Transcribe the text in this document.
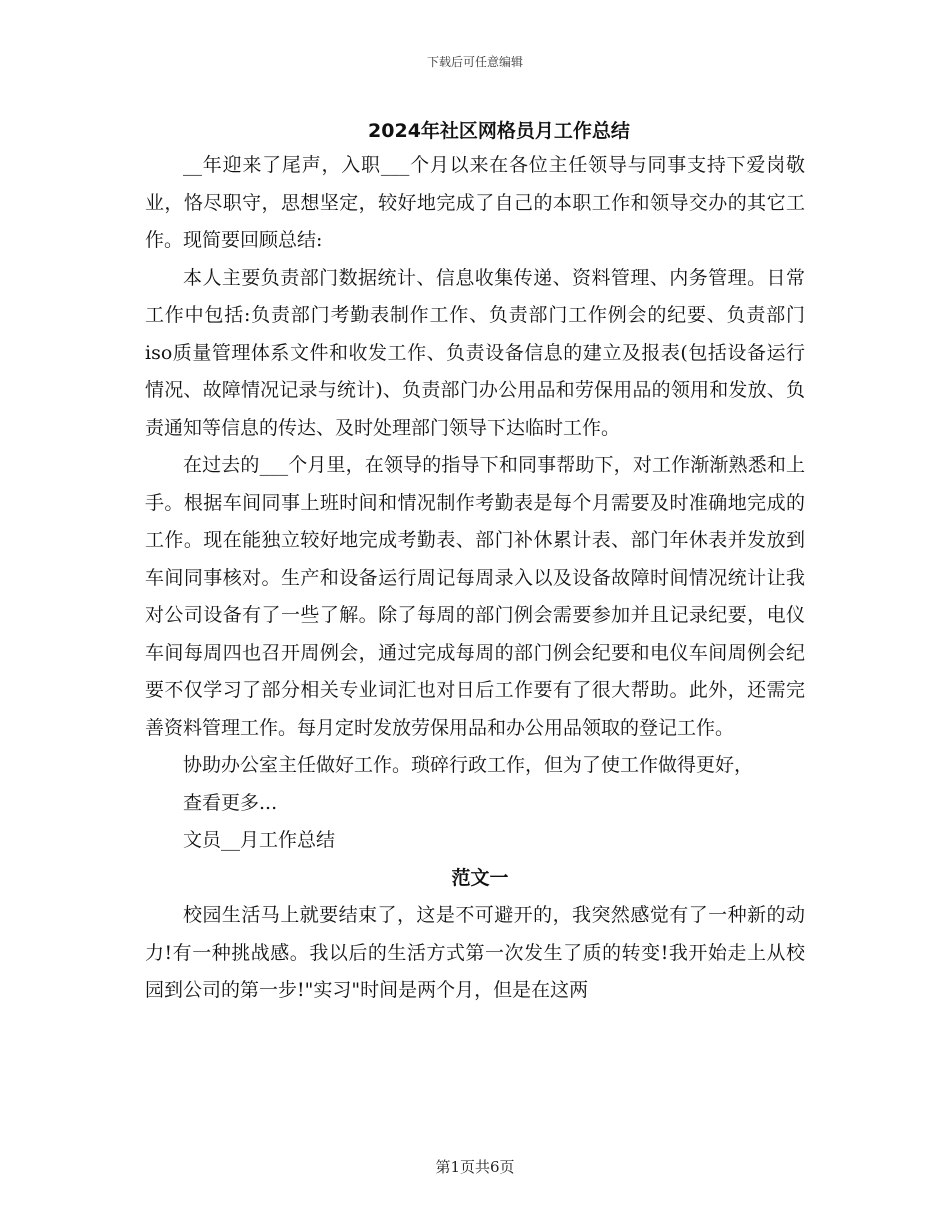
下载后可任意编辑
2024年社区网格员月工作总结

__年迎来了尾声，入职___个月以来在各位主任领导与同事支持下爱岗敬业，恪尽职守，思想坚定，较好地完成了自己的本职工作和领导交办的其它工作。现简要回顾总结:

本人主要负责部门数据统计、信息收集传递、资料管理、内务管理。日常工作中包括:负责部门考勤表制作工作、负责部门工作例会的纪要、负责部门iso质量管理体系文件和收发工作、负责设备信息的建立及报表(包括设备运行情况、故障情况记录与统计)、负责部门办公用品和劳保用品的领用和发放、负责通知等信息的传达、及时处理部门领导下达临时工作。

在过去的___个月里，在领导的指导下和同事帮助下，对工作渐渐熟悉和上手。根据车间同事上班时间和情况制作考勤表是每个月需要及时准确地完成的工作。现在能独立较好地完成考勤表、部门补休累计表、部门年休表并发放到车间同事核对。生产和设备运行周记每周录入以及设备故障时间情况统计让我对公司设备有了一些了解。除了每周的部门例会需要参加并且记录纪要，电仪车间每周四也召开周例会，通过完成每周的部门例会纪要和电仪车间周例会纪要不仅学习了部分相关专业词汇也对日后工作要有了很大帮助。此外，还需完善资料管理工作。每月定时发放劳保用品和办公用品领取的登记工作。

协助办公室主任做好工作。琐碎行政工作，但为了使工作做得更好，

查看更多...

文员__月工作总结

范文一

校园生活马上就要结束了，这是不可避开的，我突然感觉有了一种新的动力!有一种挑战感。我以后的生活方式第一次发生了质的转变!我开始走上从校园到公司的第一步!"实习"时间是两个月，但是在这两

第1页共6页
